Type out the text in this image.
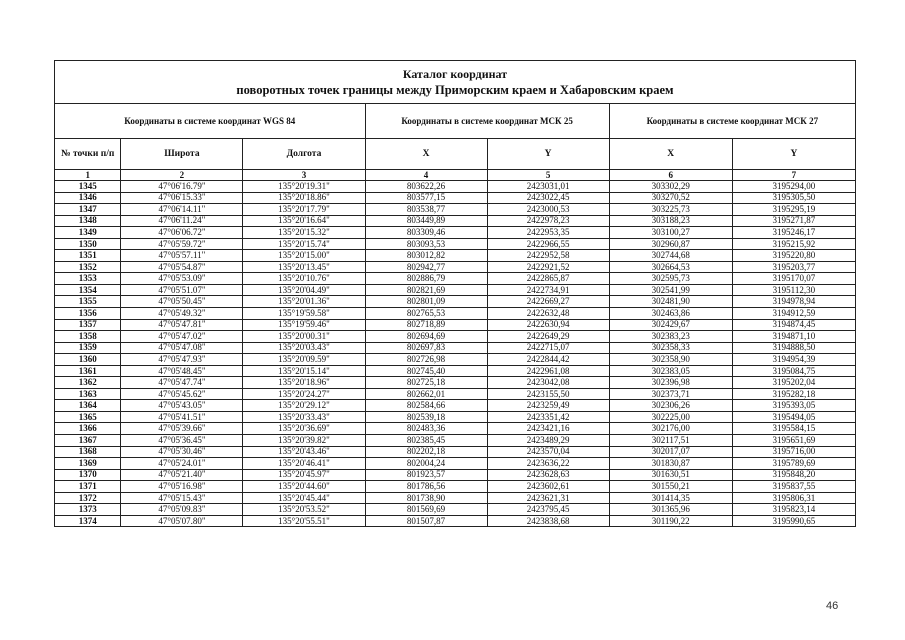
Каталог координат
поворотных точек границы между Приморским краем и Хабаровским краем						

Координаты в системе координат WGS 84			Координаты в системе координат МСК 25		Координаты в системе координат МСК 27	
№ точки п/п	Широта	Долгота	X	Y	X	Y
1	2	3	4	5	6	7
1345	47°06'16.79"	135°20'19.31"	803622,26	2423031,01	303302,29	3195294,00
1346	47°06'15.33"	135°20'18.86"	803577,15	2423022,45	303270,52	3195305,50
1347	47°06'14.11"	135°20'17.79"	803538,77	2423000,53	303225,73	3195295,19
1348	47°06'11.24"	135°20'16.64"	803449,89	2422978,23	303188,23	3195271,87
1349	47°06'06.72"	135°20'15.32"	803309,46	2422953,35	303100,27	3195246,17
1350	47°05'59.72"	135°20'15.74"	803093,53	2422966,55	302960,87	3195215,92
1351	47°05'57.11"	135°20'15.00"	803012,82	2422952,58	302744,68	3195220,80
1352	47°05'54.87"	135°20'13.45"	802942,77	2422921,52	302664,53	3195203,77
1353	47°05'53.09"	135°20'10.76"	802886,79	2422865,87	302595,73	3195170,07
1354	47°05'51.07"	135°20'04.49"	802821,69	2422734,91	302541,99	3195112,30
1355	47°05'50.45"	135°20'01.36"	802801,09	2422669,27	302481,90	3194978,94
1356	47°05'49.32"	135°19'59.58"	802765,53	2422632,48	302463,86	3194912,59
1357	47°05'47.81"	135°19'59.46"	802718,89	2422630,94	302429,67	3194874,45
1358	47°05'47.02"	135°20'00.31"	802694,69	2422649,29	302383,23	3194871,10
1359	47°05'47.08"	135°20'03.43"	802697,83	2422715,07	302358,33	3194888,50
1360	47°05'47.93"	135°20'09.59"	802726,98	2422844,42	302358,90	3194954,39
1361	47°05'48.45"	135°20'15.14"	802745,40	2422961,08	302383,05	3195084,75
1362	47°05'47.74"	135°20'18.96"	802725,18	2423042,08	302396,98	3195202,04
1363	47°05'45.62"	135°20'24.27"	802662,01	2423155,50	302373,71	3195282,18
1364	47°05'43.05"	135°20'29.12"	802584,66	2423259,49	302306,26	3195393,05
1365	47°05'41.51"	135°20'33.43"	802539,18	2423351,42	302225,00	3195494,05
1366	47°05'39.66"	135°20'36.69"	802483,36	2423421,16	302176,00	3195584,15
1367	47°05'36.45"	135°20'39.82"	802385,45	2423489,29	302117,51	3195651,69
1368	47°05'30.46"	135°20'43.46"	802202,18	2423570,04	302017,07	3195716,00
1369	47°05'24.01"	135°20'46.41"	802004,24	2423636,22	301830,87	3195789,69
1370	47°05'21.40"	135°20'45.97"	801923,57	2423628,63	301630,51	3195848,20
1371	47°05'16.98"	135°20'44.60"	801786,56	2423602,61	301550,21	3195837,55
1372	47°05'15.43"	135°20'45.44"	801738,90	2423621,31	301414,35	3195806,31
1373	47°05'09.83"	135°20'53.52"	801569,69	2423795,45	301365,96	3195823,14
1374	47°05'07.80"	135°20'55.51"	801507,87	2423838,68	301190,22	3195990,65
46
